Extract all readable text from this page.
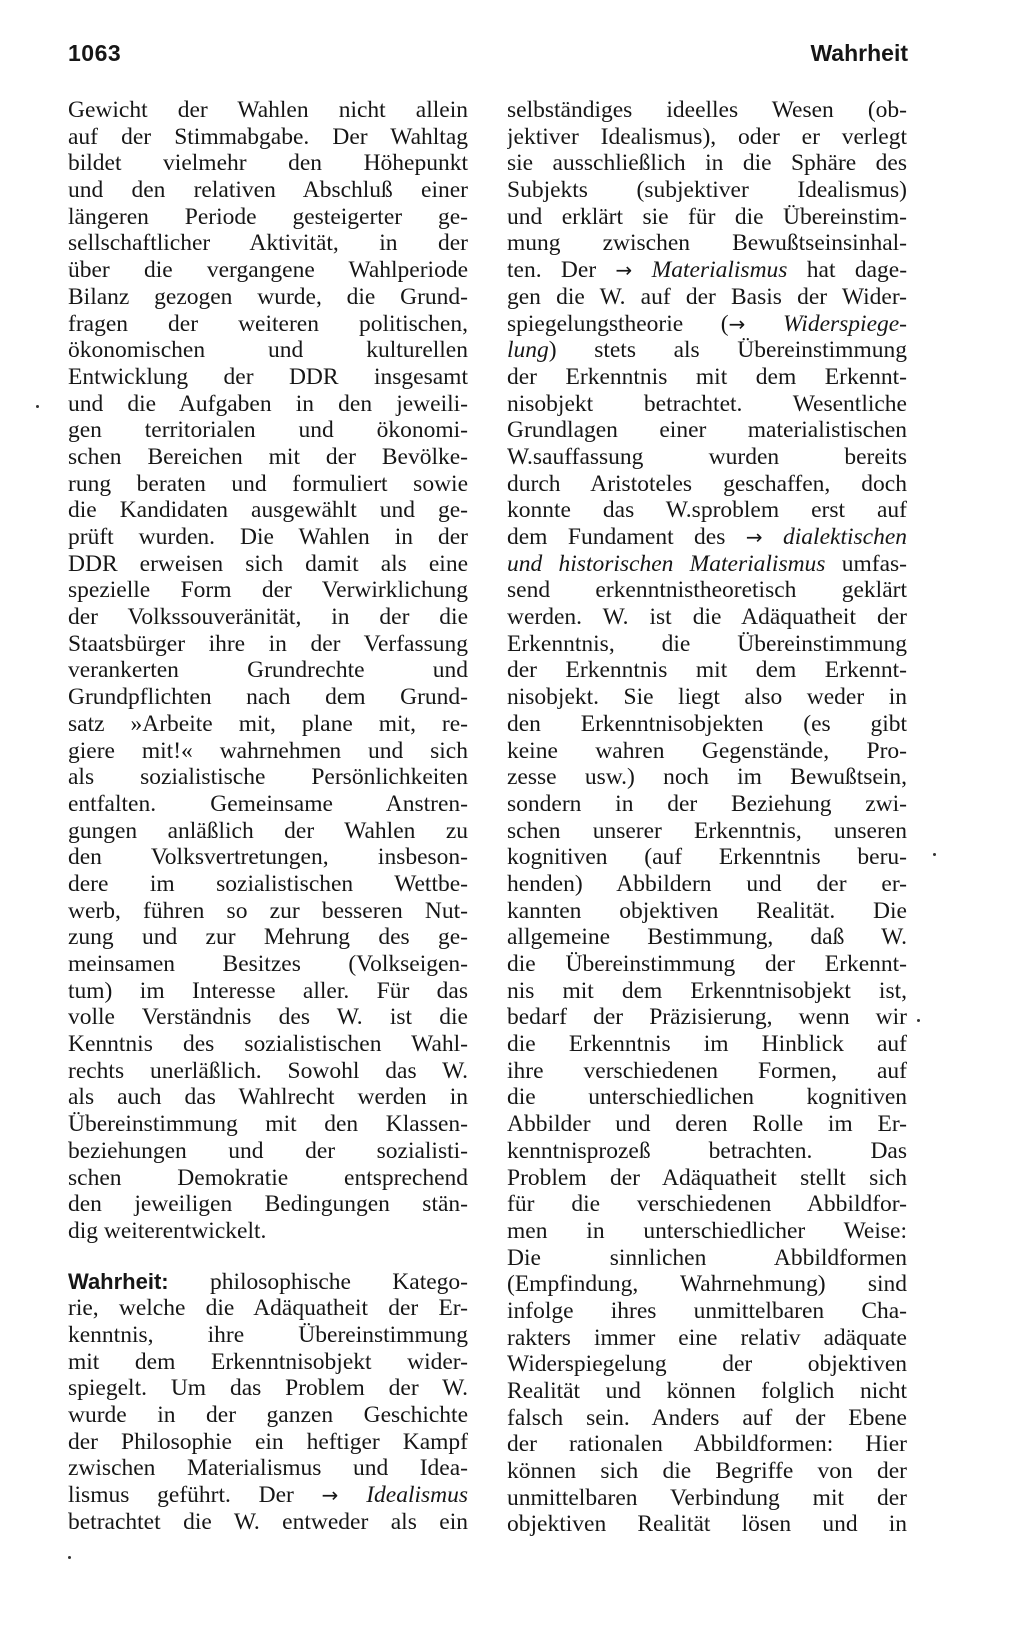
1063	Wahrheit
Gewicht der Wahlen nicht allein
auf der Stimmabgabe. Der Wahltag
bildet vielmehr den Höhepunkt
und den relativen Abschluß einer
längeren Periode gesteigerter ge-
sellschaftlicher Aktivität, in der
über die vergangene Wahlperiode
Bilanz gezogen wurde, die Grund-
fragen der weiteren politischen,
ökonomischen und kulturellen
Entwicklung der DDR insgesamt
und die Aufgaben in den jeweili-
gen territorialen und ökonomi-
schen Bereichen mit der Bevölke-
rung beraten und formuliert sowie
die Kandidaten ausgewählt und ge-
prüft wurden. Die Wahlen in der
DDR erweisen sich damit als eine
spezielle Form der Verwirklichung
der Volkssouveränität, in der die
Staatsbürger ihre in der Verfassung
verankerten Grundrechte und
Grundpflichten nach dem Grund-
satz »Arbeite mit, plane mit, re-
giere mit!« wahrnehmen und sich
als sozialistische Persönlichkeiten
entfalten. Gemeinsame Anstren-
gungen anläßlich der Wahlen zu
den Volksvertretungen, insbeson-
dere im sozialistischen Wettbe-
werb, führen so zur besseren Nut-
zung und zur Mehrung des ge-
meinsamen Besitzes (Volkseigen-
tum) im Interesse aller. Für das
volle Verständnis des W. ist die
Kenntnis des sozialistischen Wahl-
rechts unerläßlich. Sowohl das W.
als auch das Wahlrecht werden in
Übereinstimmung mit den Klassen-
beziehungen und der sozialisti-
schen Demokratie entsprechend
den jeweiligen Bedingungen stän-
dig weiterentwickelt.
Wahrheit: philosophische Katego-
rie, welche die Adäquatheit der Er-
kenntnis, ihre Übereinstimmung
mit dem Erkenntnisobjekt wider-
spiegelt. Um das Problem der W.
wurde in der ganzen Geschichte
der Philosophie ein heftiger Kampf
zwischen Materialismus und Idea-
lismus geführt. Der → Idealismus
betrachtet die W. entweder als ein
selbständiges ideelles Wesen (ob-
jektiver Idealismus), oder er verlegt
sie ausschließlich in die Sphäre des
Subjekts (subjektiver Idealismus)
und erklärt sie für die Übereinstim-
mung zwischen Bewußtseinsinhal-
ten. Der → Materialismus hat dage-
gen die W. auf der Basis der Wider-
spiegelungstheorie (→ Widerspiege-
lung) stets als Übereinstimmung
der Erkenntnis mit dem Erkennt-
nisobjekt betrachtet. Wesentliche
Grundlagen einer materialistischen
W.sauffassung wurden bereits
durch Aristoteles geschaffen, doch
konnte das W.sproblem erst auf
dem Fundament des → dialektischen
und historischen Materialismus umfas-
send erkenntnistheoretisch geklärt
werden. W. ist die Adäquatheit der
Erkenntnis, die Übereinstimmung
der Erkenntnis mit dem Erkennt-
nisobjekt. Sie liegt also weder in
den Erkenntnisobjekten (es gibt
keine wahren Gegenstände, Pro-
zesse usw.) noch im Bewußtsein,
sondern in der Beziehung zwi-
schen unserer Erkenntnis, unseren
kognitiven (auf Erkenntnis beru-
henden) Abbildern und der er-
kannten objektiven Realität. Die
allgemeine Bestimmung, daß W.
die Übereinstimmung der Erkennt-
nis mit dem Erkenntnisobjekt ist,
bedarf der Präzisierung, wenn wir
die Erkenntnis im Hinblick auf
ihre verschiedenen Formen, auf
die unterschiedlichen kognitiven
Abbilder und deren Rolle im Er-
kenntnisprozeß betrachten. Das
Problem der Adäquatheit stellt sich
für die verschiedenen Abbildfor-
men in unterschiedlicher Weise:
Die sinnlichen Abbildformen
(Empfindung, Wahrnehmung) sind
infolge ihres unmittelbaren Cha-
rakters immer eine relativ adäquate
Widerspiegelung der objektiven
Realität und können folglich nicht
falsch sein. Anders auf der Ebene
der rationalen Abbildformen: Hier
können sich die Begriffe von der
unmittelbaren Verbindung mit der
objektiven Realität lösen und in
